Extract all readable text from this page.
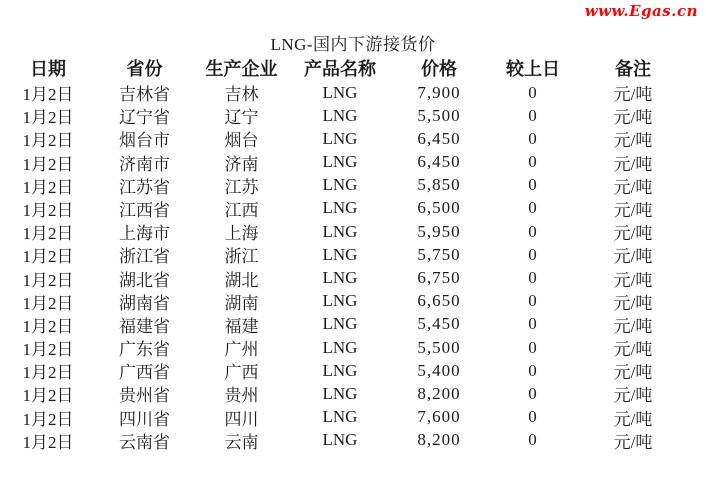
www.Egas.cn
LNG-国内下游接货价
日期	省份	生产企业	产品名称	价格	较上日	备注
1月2日	吉林省	吉林	LNG	7,900	0	元/吨
1月2日	辽宁省	辽宁	LNG	5,500	0	元/吨
1月2日	烟台市	烟台	LNG	6,450	0	元/吨
1月2日	济南市	济南	LNG	6,450	0	元/吨
1月2日	江苏省	江苏	LNG	5,850	0	元/吨
1月2日	江西省	江西	LNG	6,500	0	元/吨
1月2日	上海市	上海	LNG	5,950	0	元/吨
1月2日	浙江省	浙江	LNG	5,750	0	元/吨
1月2日	湖北省	湖北	LNG	6,750	0	元/吨
1月2日	湖南省	湖南	LNG	6,650	0	元/吨
1月2日	福建省	福建	LNG	5,450	0	元/吨
1月2日	广东省	广州	LNG	5,500	0	元/吨
1月2日	广西省	广西	LNG	5,400	0	元/吨
1月2日	贵州省	贵州	LNG	8,200	0	元/吨
1月2日	四川省	四川	LNG	7,600	0	元/吨
1月2日	云南省	云南	LNG	8,200	0	元/吨
